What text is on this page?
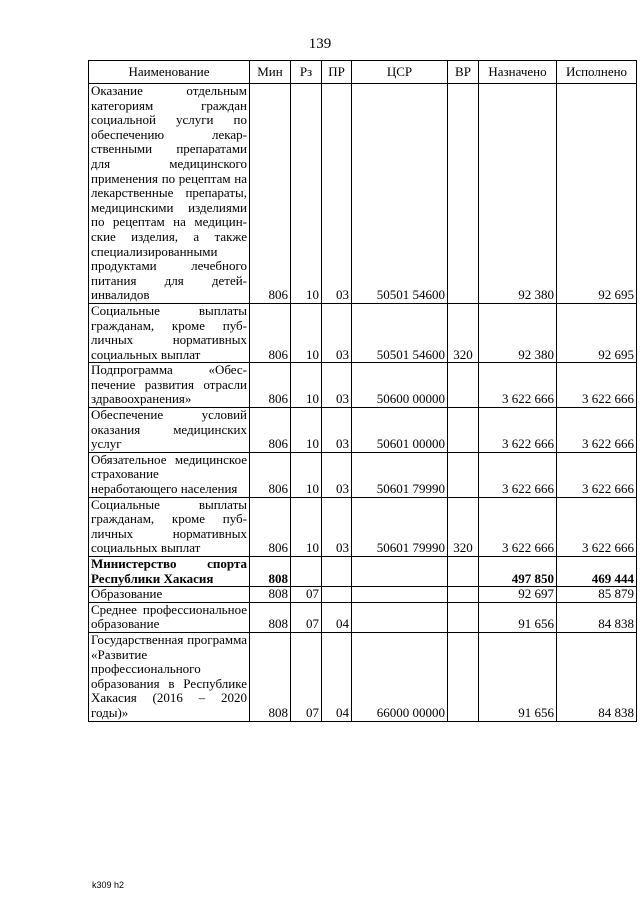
139
Наименование	Мин	Рз	ПР	ЦСР	ВР	Назначено	Исполнено
Оказание отдельным категориям граждан социальной услуги по обеспечению лекарственными препаратами для медицинского применения по рецептам на лекарственные препараты, медицинскими изделиями по рецептам на медицинские изделия, а также специализированными продуктами лечебного питания для детей-инвалидов	806	10	03	50501 54600		92 380	92 695
Социальные выплаты гражданам, кроме публичных нормативных социальных выплат	806	10	03	50501 54600	320	92 380	92 695
Подпрограмма «Обеспечение развития отрасли здравоохранения»	806	10	03	50600 00000		3 622 666	3 622 666
Обеспечение условий оказания медицинских услуг	806	10	03	50601 00000		3 622 666	3 622 666
Обязательное медицинское страхование неработающего населения	806	10	03	50601 79990		3 622 666	3 622 666
Социальные выплаты гражданам, кроме публичных нормативных социальных выплат	806	10	03	50601 79990	320	3 622 666	3 622 666
Министерство спорта Республики Хакасия	808					497 850	469 444
Образование	808	07				92 697	85 879
Среднее профессиональное образование	808	07	04			91 656	84 838
Государственная программа «Развитие профессионального образования в Республике Хакасия (2016 – 2020 годы)»	808	07	04	66000 00000		91 656	84 838
k309 h2
